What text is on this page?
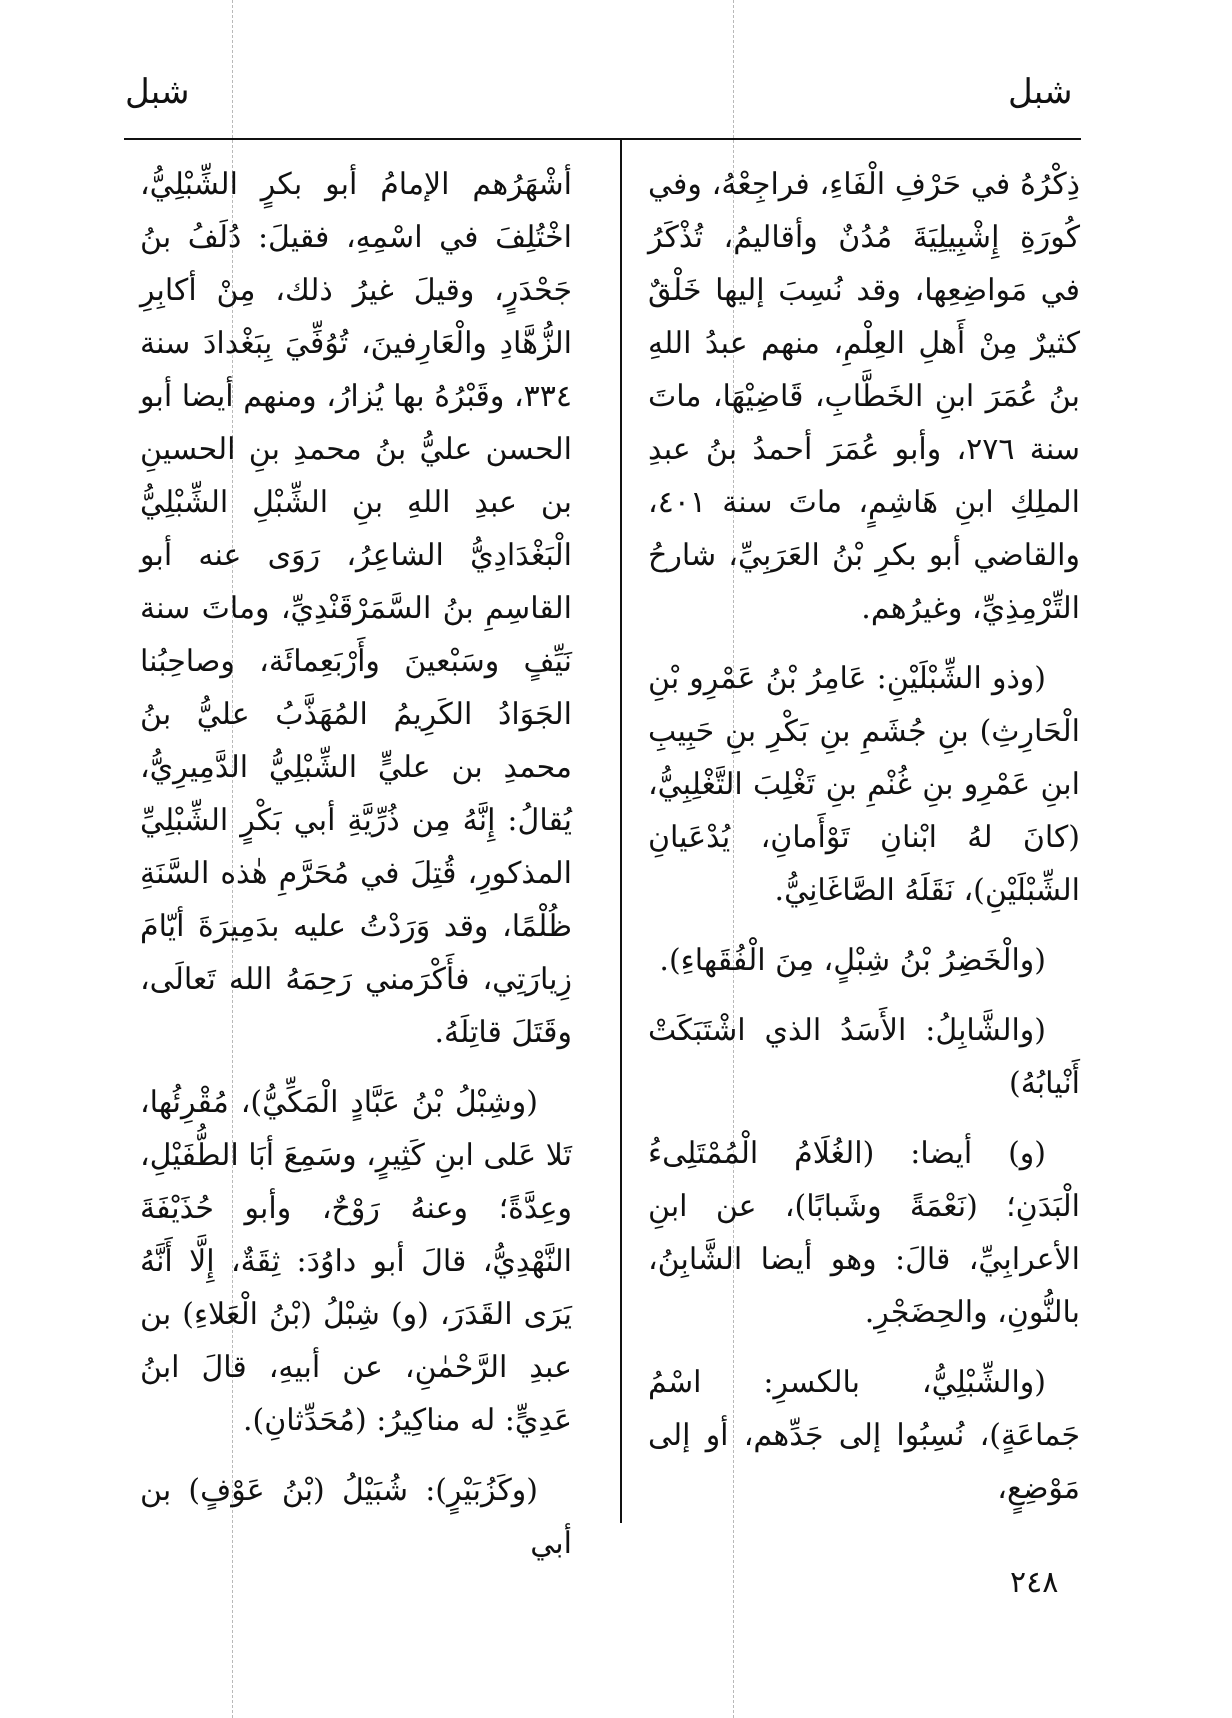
شبل
شبل

ذِكْرُهُ في حَرْفِ الْفَاءِ، فراجِعْهُ، وفي كُورَةِ إِشْبِيلِيَةَ مُدُنٌ وأقاليمُ، تُذْكَرُ في مَواضِعِها، وقد نُسِبَ إليها خَلْقٌ كثيرٌ مِنْ أَهلِ العِلْمِ، منهم عبدُ اللهِ بنُ عُمَرَ ابنِ الخَطَّابِ، قَاضِيْهَا، ماتَ سنة ٢٧٦، وأبو عُمَرَ أحمدُ بنُ عبدِ الملِكِ ابنِ هَاشِمٍ، ماتَ سنة ٤٠١، والقاضي أبو بكرِ بْنُ العَرَبِيِّ، شارحُ التِّرْمِذِيِّ، وغيرُهم.

(وذو الشِّبْلَيْنِ: عَامِرُ بْنُ عَمْرِو بْنِ الْحَارِثِ) بنِ جُشَمِ بنِ بَكْرِ بنِ حَبِيبِ ابنِ عَمْرِو بنِ غُنْمِ بنِ تَغْلِبَ التَّغْلِبِيُّ، (كانَ لهُ ابْنانِ تَوْأَمانِ، يُدْعَيانِ الشِّبْلَيْنِ)، نَقَلَهُ الصَّاغَانِيُّ.

(والْخَضِرُ بْنُ شِبْلٍ، مِنَ الْفُقَهاءِ).

(والشَّابِلُ: الأَسَدُ الذي اشْتَبَكَتْ أَنْيابُهُ)

(و) أيضا: (الغُلَامُ الْمُمْتَلِىءُ الْبَدَنِ؛ (نَعْمَةً وشَبابًا)، عن ابنِ الأعرابِيِّ، قالَ: وهو أيضا الشَّابِنُ، بالنُّونِ، والحِضَجْرِ.

(والشِّبْلِيُّ، بالكسرِ: اسْمُ جَماعَةٍ)، نُسِبُوا إلى جَدِّهم، أو إلى مَوْضِعٍ،

أشْهَرُهم الإمامُ أبو بكرٍ الشِّبْلِيُّ، اخْتُلِفَ في اسْمِهِ، فقيلَ: دُلَفُ بنُ جَحْدَرٍ، وقيلَ غيرُ ذلك، مِنْ أكابِرِ الزُّهَّادِ والْعَارِفينَ، تُوُفِّيَ بِبَغْدادَ سنة ٣٣٤، وقَبْرُهُ بها يُزارُ، ومنهم أيضا أبو الحسن عليُّ بنُ محمدِ بنِ الحسينِ بن عبدِ اللهِ بنِ الشِّبْلِ الشِّبْلِيُّ الْبَغْدَادِيُّ الشاعِرُ، رَوَى عنه أبو القاسِمِ بنُ السَّمَرْقَنْدِيِّ، وماتَ سنة نَيِّفٍ وسَبْعينَ وأَرْبَعِمائَة، وصاحِبُنا الجَوَادُ الكَرِيمُ المُهَذَّبُ عليُّ بنُ محمدِ بن عليٍّ الشِّبْلِيُّ الدَّمِيرِيُّ، يُقالُ: إِنَّهُ مِن ذُرِّيَّةِ أبي بَكْرٍ الشِّبْلِيِّ المذكورِ، قُتِلَ في مُحَرَّمِ هٰذه السَّنَةِ ظُلْمًا، وقد وَرَدْتُ عليه بدَمِيرَةَ أيّامَ زِيارَتِي، فأَكْرَمني رَحِمَهُ الله تَعالَى، وقَتَلَ قاتِلَهُ.

(وشِبْلُ بْنُ عَبَّادٍ الْمَكِّيُّ)، مُقْرِئُها، تَلا عَلى ابنِ كَثِيرٍ، وسَمِعَ أبَا الطُّفَيْلِ، وعِدَّةً؛ وعنهُ رَوْحٌ، وأبو حُذَيْفَةَ النَّهْدِيُّ، قالَ أبو داوُدَ: ثِقَةٌ، إِلَّا أَنَّهُ يَرَى القَدَرَ، (و) شِبْلُ (بْنُ الْعَلاءِ) بن عبدِ الرَّحْمٰنِ، عن أبيهِ، قالَ ابنُ عَدِيٍّ: له مناكِيرُ: (مُحَدِّثانِ).

(وكَزُبَيْرٍ): شُبَيْلُ (بْنُ عَوْفٍ) بن أبي

٢٤٨
